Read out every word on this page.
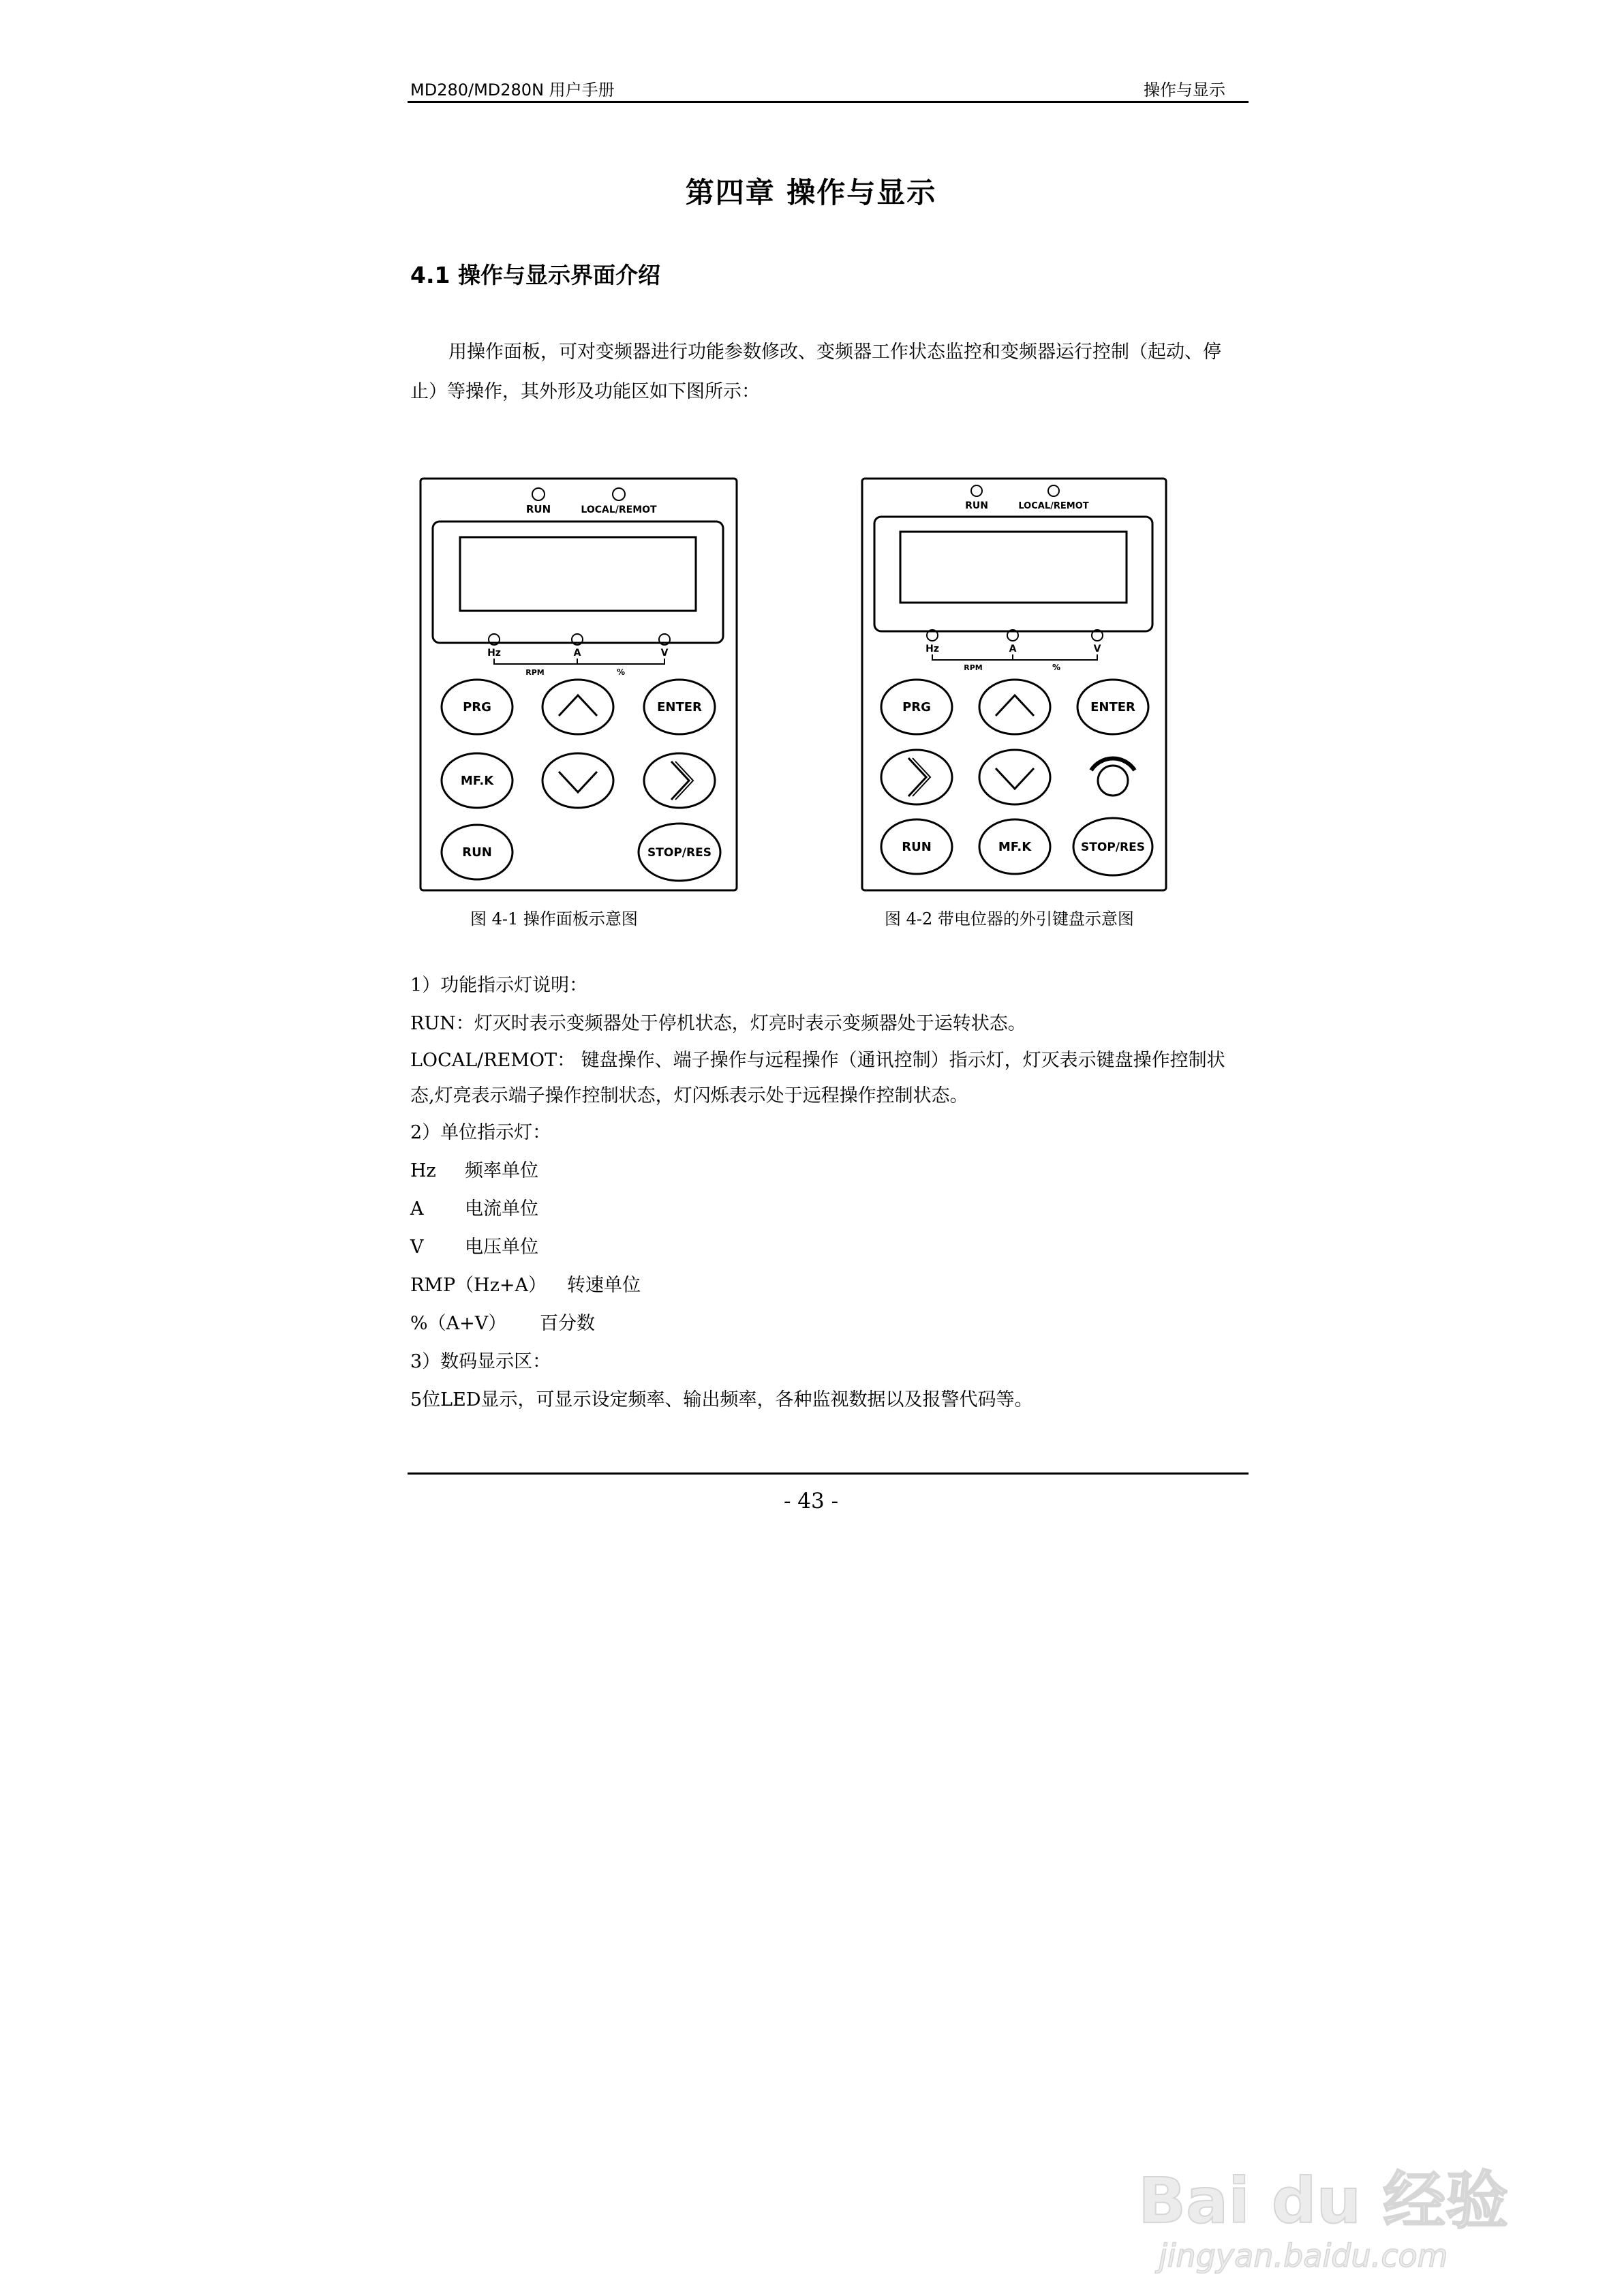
MD280/MD280N 用户手册	操作与显示
第四章 操作与显示
4.1 操作与显示界面介绍
用操作面板，可对变频器进行功能参数修改、变频器工作状态监控和变频器运行控制（起动、停止）等操作，其外形及功能区如下图所示：
RUN	LOCAL/REMOT
Hz	A	V
RPM	%
PRG	ENTER
MF.K
RUN	STOP/RES
图 4-1 操作面板示意图
RUN	LOCAL/REMOT
Hz	A	V
RPM	%
PRG	ENTER
RUN	MF.K	STOP/RES
图 4-2 带电位器的外引键盘示意图

1）功能指示灯说明：

RUN：灯灭时表示变频器处于停机状态，灯亮时表示变频器处于运转状态。

LOCAL/REMOT： 键盘操作、端子操作与远程操作（通讯控制）指示灯，灯灭表示键盘操作控制状态,灯亮表示端子操作控制状态，灯闪烁表示处于远程操作控制状态。

2）单位指示灯：

Hz 频率单位

A 电流单位

V 电压单位

RMP（Hz+A） 转速单位

%（A+V） 百分数

3）数码显示区：

5位LED显示，可显示设定频率、输出频率，各种监视数据以及报警代码等。

- 43 -
Bai du 经验
jingyan.baidu.com
